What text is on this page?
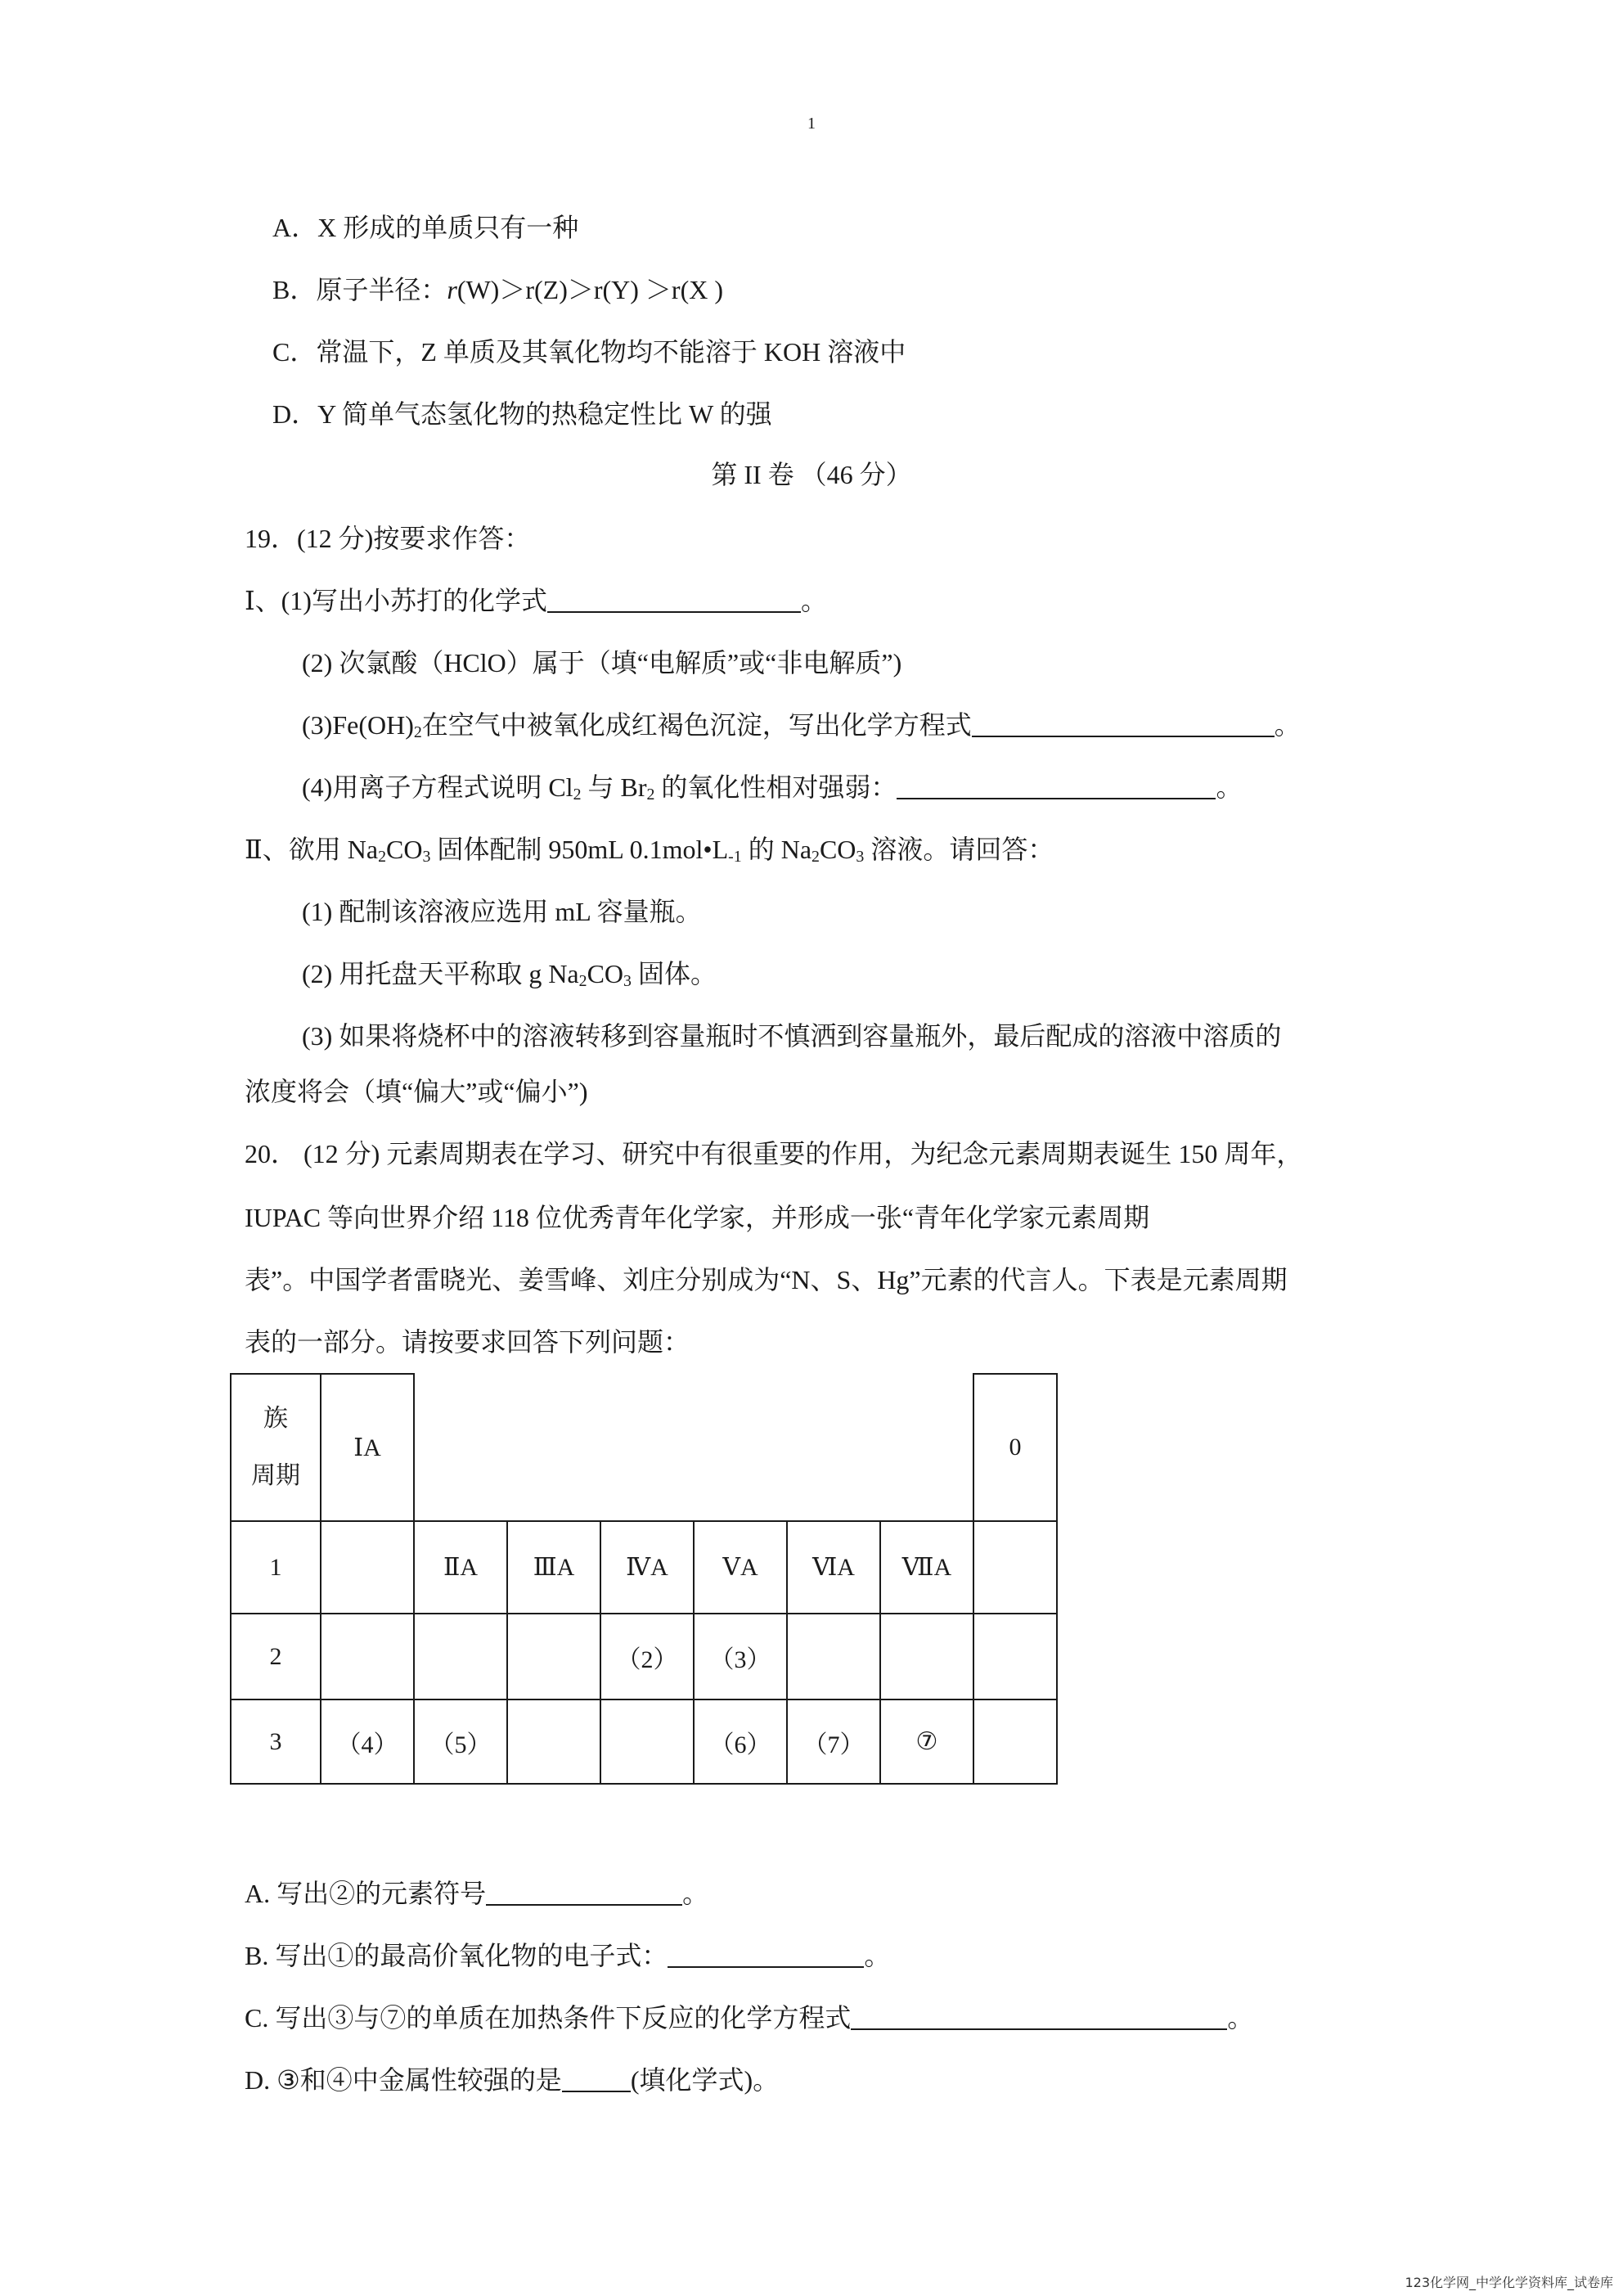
1
A．X 形成的单质只有一种
B．原子半径：r(W)＞r(Z)＞r(Y) ＞r(X )
C．常温下，Z 单质及其氧化物均不能溶于 KOH 溶液中
D．Y 简单气态氢化物的热稳定性比 W 的强
第 II 卷 （46 分）
19．(12 分)按要求作答：
Ⅰ、(1)写出小苏打的化学式	。
(2) 次氯酸（HClO）属于（填“电解质”或“非电解质”)
$(3)Fe(OH)_2$在空气中被氧化成红褐色沉淀，写出化学方程式	。
(4)用离子方程式说明 $Cl_2$ 与 $Br_2$ 的氧化性相对强弱：	。
Ⅱ、欲用 $Na_2CO_3$ 固体配制 950mL $0.1mol•L_{-1}$ 的 $Na_2CO_3$ 溶液。请回答：
(1) 配制该溶液应选用 mL 容量瓶。
(2) 用托盘天平称取 g $Na_2CO_3$ 固体。
(3) 如果将烧杯中的溶液转移到容量瓶时不慎洒到容量瓶外，最后配成的溶液中溶质的
浓度将会（填“偏大”或“偏小”)
20． (12 分) 元素周期表在学习、研究中有很重要的作用，为纪念元素周期表诞生 150 周年，
IUPAC 等向世界介绍 118 位优秀青年化学家，并形成一张“青年化学家元素周期
表”。中国学者雷晓光、姜雪峰、刘庄分别成为“N、S、Hg”元素的代言人。下表是元素周期
表的一部分。请按要求回答下列问题：
族
周期	ⅠA							0
1		ⅡA	ⅢA	ⅣA	ⅤA	ⅥA	ⅦA	
2				（2）	（3）			
3	（4）	（5）			（6）	（7）	⑦	
A. 写出②的元素符号	。
B. 写出①的最高价氧化物的电子式：	。
C. 写出③与⑦的单质在加热条件下反应的化学方程式	。
D. ③和④中金属性较强的是	(填化学式)。
123化学网_中学化学资料库_试卷库
